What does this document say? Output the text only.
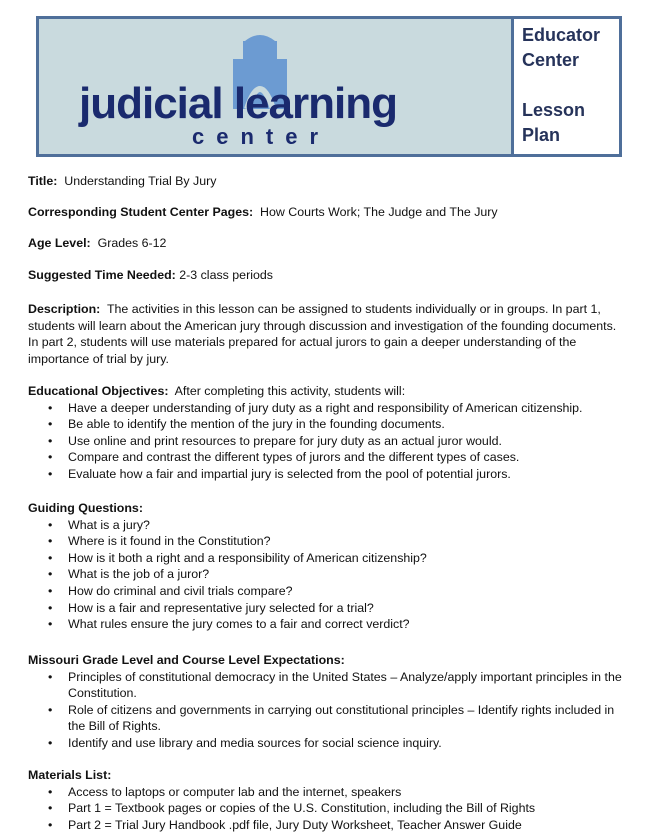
judicial learning
center
Educator
Center
Lesson
Plan
Title: Understanding Trial By Jury
Corresponding Student Center Pages: How Courts Work; The Judge and The Jury
Age Level: Grades 6-12
Suggested Time Needed: 2-3 class periods
Description: The activities in this lesson can be assigned to students individually or in groups. In part 1, students will learn about the American jury through discussion and investigation of the founding documents. In part 2, students will use materials prepared for actual jurors to gain a deeper understanding of the importance of trial by jury.
Educational Objectives: After completing this activity, students will:
• Have a deeper understanding of jury duty as a right and responsibility of American citizenship.
• Be able to identify the mention of the jury in the founding documents.
• Use online and print resources to prepare for jury duty as an actual juror would.
• Compare and contrast the different types of jurors and the different types of cases.
• Evaluate how a fair and impartial jury is selected from the pool of potential jurors.
Guiding Questions:
• What is a jury?
• Where is it found in the Constitution?
• How is it both a right and a responsibility of American citizenship?
• What is the job of a juror?
• How do criminal and civil trials compare?
• How is a fair and representative jury selected for a trial?
• What rules ensure the jury comes to a fair and correct verdict?
Missouri Grade Level and Course Level Expectations:
• Principles of constitutional democracy in the United States – Analyze/apply important principles in the Constitution.
• Role of citizens and governments in carrying out constitutional principles – Identify rights included in the Bill of Rights.
• Identify and use library and media sources for social science inquiry.
Materials List:
• Access to laptops or computer lab and the internet, speakers
• Part 1 = Textbook pages or copies of the U.S. Constitution, including the Bill of Rights
• Part 2 = Trial Jury Handbook .pdf file, Jury Duty Worksheet, Teacher Answer Guide
